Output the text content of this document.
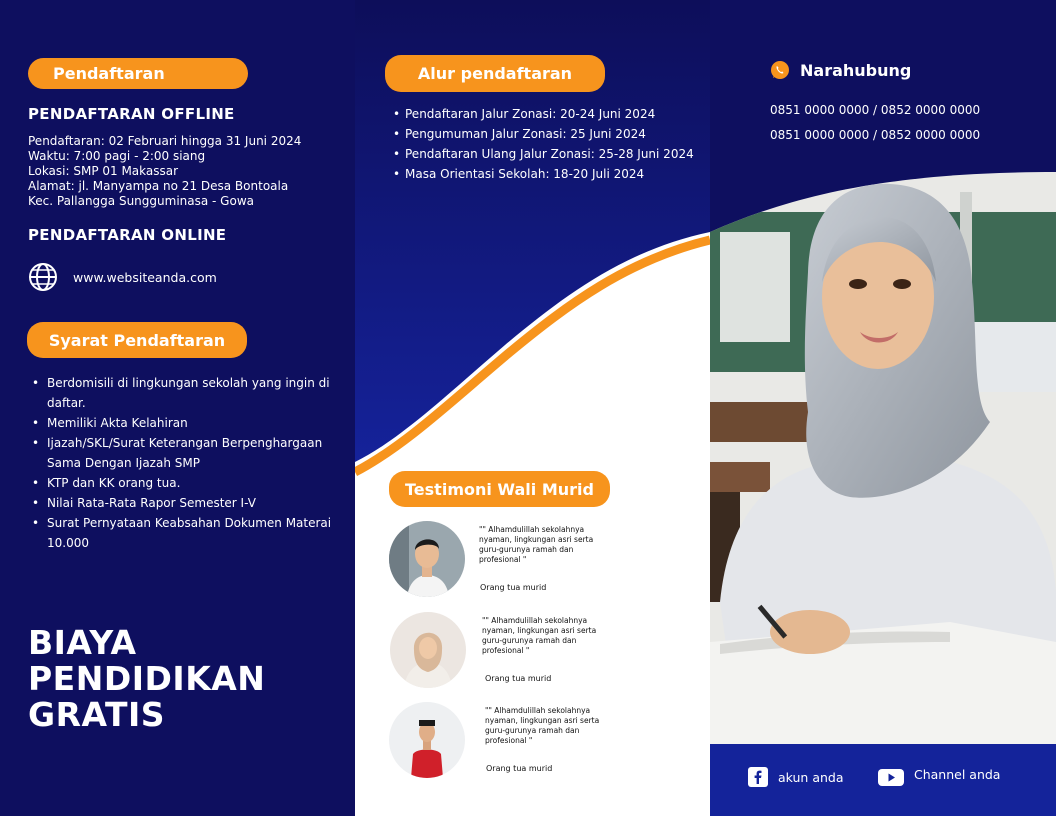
Pendaftaran
PENDAFTARAN OFFLINE
Pendaftaran: 02 Februari hingga 31 Juni 2024
Waktu: 7:00 pagi - 2:00 siang
Lokasi: SMP 01 Makassar
Alamat: jl. Manyampa no 21 Desa Bontoala
Kec. Pallangga Sungguminasa - Gowa
PENDAFTARAN ONLINE
www.websiteanda.com
Syarat Pendaftaran
• Berdomisili di lingkungan sekolah yang ingin di daftar.
• Memiliki Akta Kelahiran
• Ijazah/SKL/Surat Keterangan Berpenghargaan Sama Dengan Ijazah SMP
• KTP dan KK orang tua.
• Nilai Rata-Rata Rapor Semester I-V
• Surat Pernyataan Keabsahan Dokumen Materai 10.000
BIAYA
PENDIDIKAN
GRATIS
Alur pendaftaran
• Pendaftaran Jalur Zonasi: 20-24 Juni 2024
• Pengumuman Jalur Zonasi: 25 Juni 2024
• Pendaftaran Ulang Jalur Zonasi: 25-28 Juni 2024
• Masa Orientasi Sekolah: 18-20 Juli 2024
Testimoni Wali Murid
"" Alhamdulillah sekolahnya nyaman, lingkungan asri serta guru-gurunya ramah dan profesional "
Orang tua murid
"" Alhamdulillah sekolahnya nyaman, lingkungan asri serta guru-gurunya ramah dan profesional "
Orang tua murid
"" Alhamdulillah sekolahnya nyaman, lingkungan asri serta guru-gurunya ramah dan profesional "
Orang tua murid
Narahubung
0851 0000 0000 / 0852 0000 0000
0851 0000 0000 / 0852 0000 0000
akun anda	Channel anda
